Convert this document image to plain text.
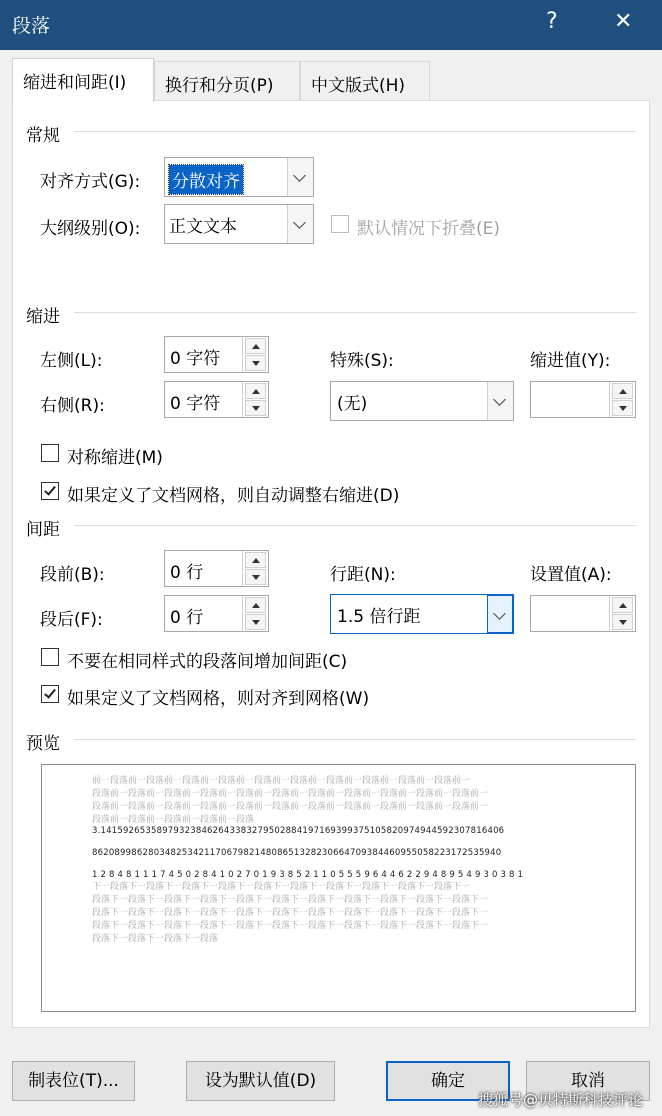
段落	?	✕
缩进和间距(I)	换行和分页(P)	中文版式(H)
常规
对齐方式(G): 分散对齐
大纲级别(O): 正文文本	默认情况下折叠(E)
缩进
左侧(L):	0 字符	特殊(S):	缩进值(Y):
右侧(R):	0 字符	(无)
对称缩进(M)
如果定义了文档网格，则自动调整右缩进(D)
间距
段前(B):	0 行	行距(N):	设置值(A):
段后(F):	0 行	1.5 倍行距
不要在相同样式的段落间增加间距(C)
如果定义了文档网格，则对齐到网格(W)
预览
前一段落前一段落前一段落前一段落前一段落前一段落前一段落前一段落前一段落前一段落前一
段落前一段落前一段落前一段落前一段落前一段落前一段落前一段落前一段落前一段落前一段落前一
段落前一段落前一段落前一段落前一段落前一段落前一段落前一段落前一段落前一段落前一段落前一
段落前一段落前一段落前一段落前一段落
3.141592653589793238462643383279502884197169399375105820974944592307816406
8620899862803482534211706798214808651328230664709384460955058223172535940
1 2 8 4 8 1 1 1 7 4 5 0 2 8 4 1 0 2 7 0 1 9 3 8 5 2 1 1 0 5 5 5 9 6 4 4 6 2 2 9 4 8 9 5 4 9 3 0 3 8 1
下一段落下一段落下一段落下一段落下一段落下一段落下一段落下一段落下一段落下一段落下一
段落下一段落下一段落下一段落下一段落下一段落下一段落下一段落下一段落下一段落下一段落下一
段落下一段落下一段落下一段落下一段落下一段落下一段落下一段落下一段落下一段落下一段落下一
段落下一段落下一段落下一段落下一段落下一段落下一段落下一段落下一段落下一段落下一段落下一
段落下一段落下一段落下一段落
制表位(T)...	设为默认值(D)	确定	取消
搜狐号@贝特斯科技评论
